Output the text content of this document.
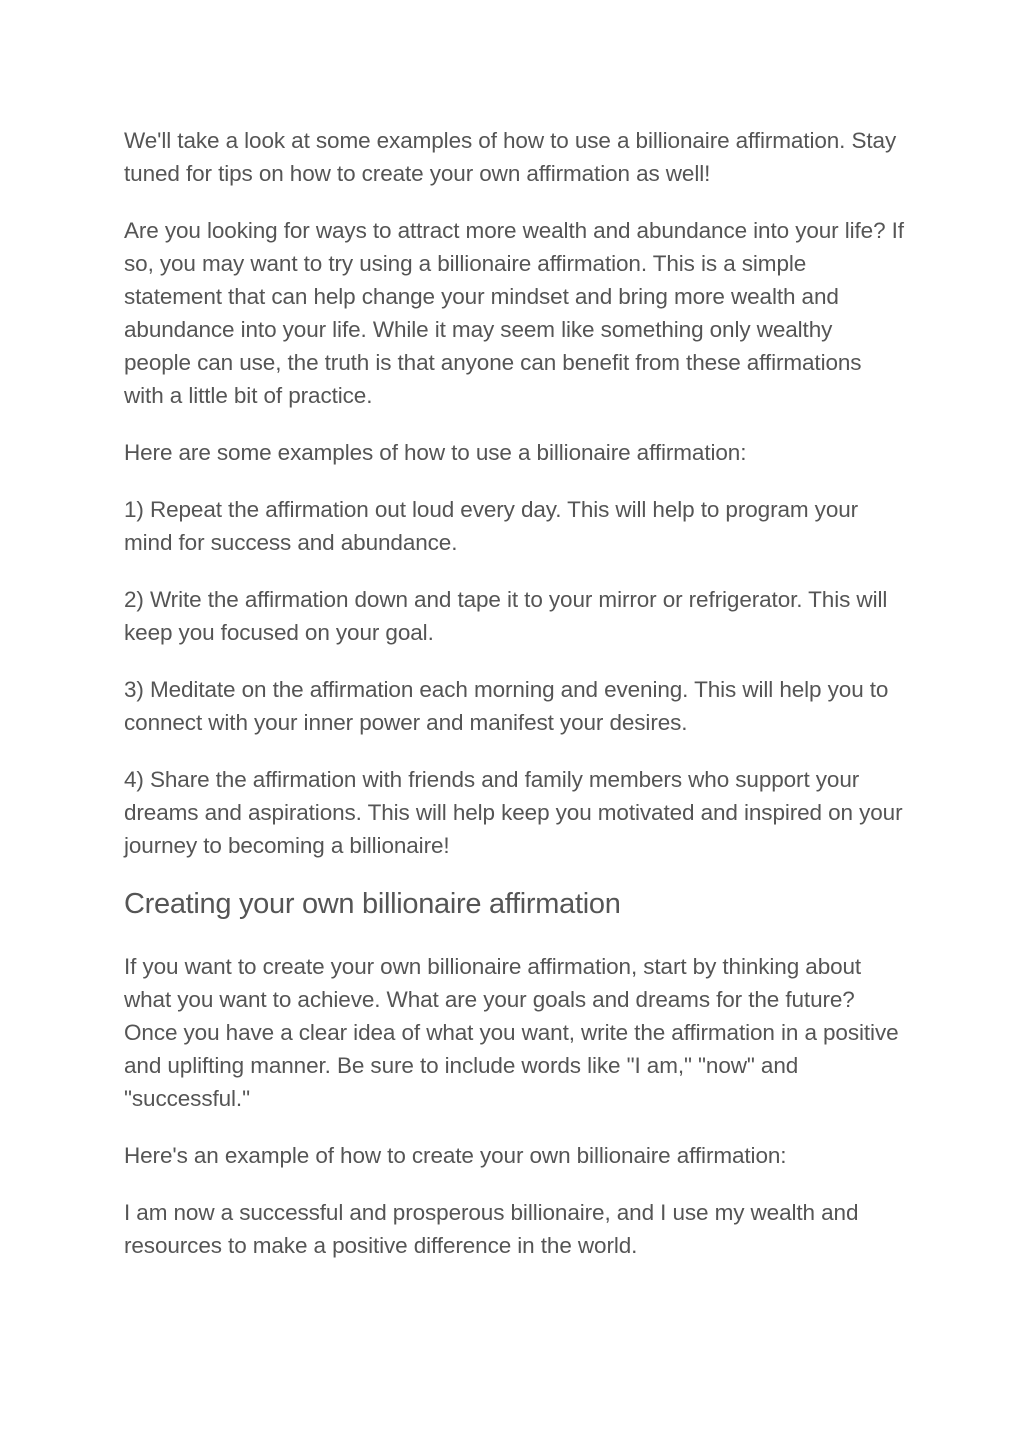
We'll take a look at some examples of how to use a billionaire affirmation. Stay tuned for tips on how to create your own affirmation as well!

Are you looking for ways to attract more wealth and abundance into your life? If so, you may want to try using a billionaire affirmation. This is a simple statement that can help change your mindset and bring more wealth and abundance into your life. While it may seem like something only wealthy people can use, the truth is that anyone can benefit from these affirmations with a little bit of practice.

Here are some examples of how to use a billionaire affirmation:

1) Repeat the affirmation out loud every day. This will help to program your mind for success and abundance.

2) Write the affirmation down and tape it to your mirror or refrigerator. This will keep you focused on your goal.

3) Meditate on the affirmation each morning and evening. This will help you to connect with your inner power and manifest your desires.

4) Share the affirmation with friends and family members who support your dreams and aspirations. This will help keep you motivated and inspired on your journey to becoming a billionaire!

Creating your own billionaire affirmation

If you want to create your own billionaire affirmation, start by thinking about what you want to achieve. What are your goals and dreams for the future? Once you have a clear idea of what you want, write the affirmation in a positive and uplifting manner. Be sure to include words like "I am," "now" and "successful."

Here's an example of how to create your own billionaire affirmation:

I am now a successful and prosperous billionaire, and I use my wealth and resources to make a positive difference in the world.
